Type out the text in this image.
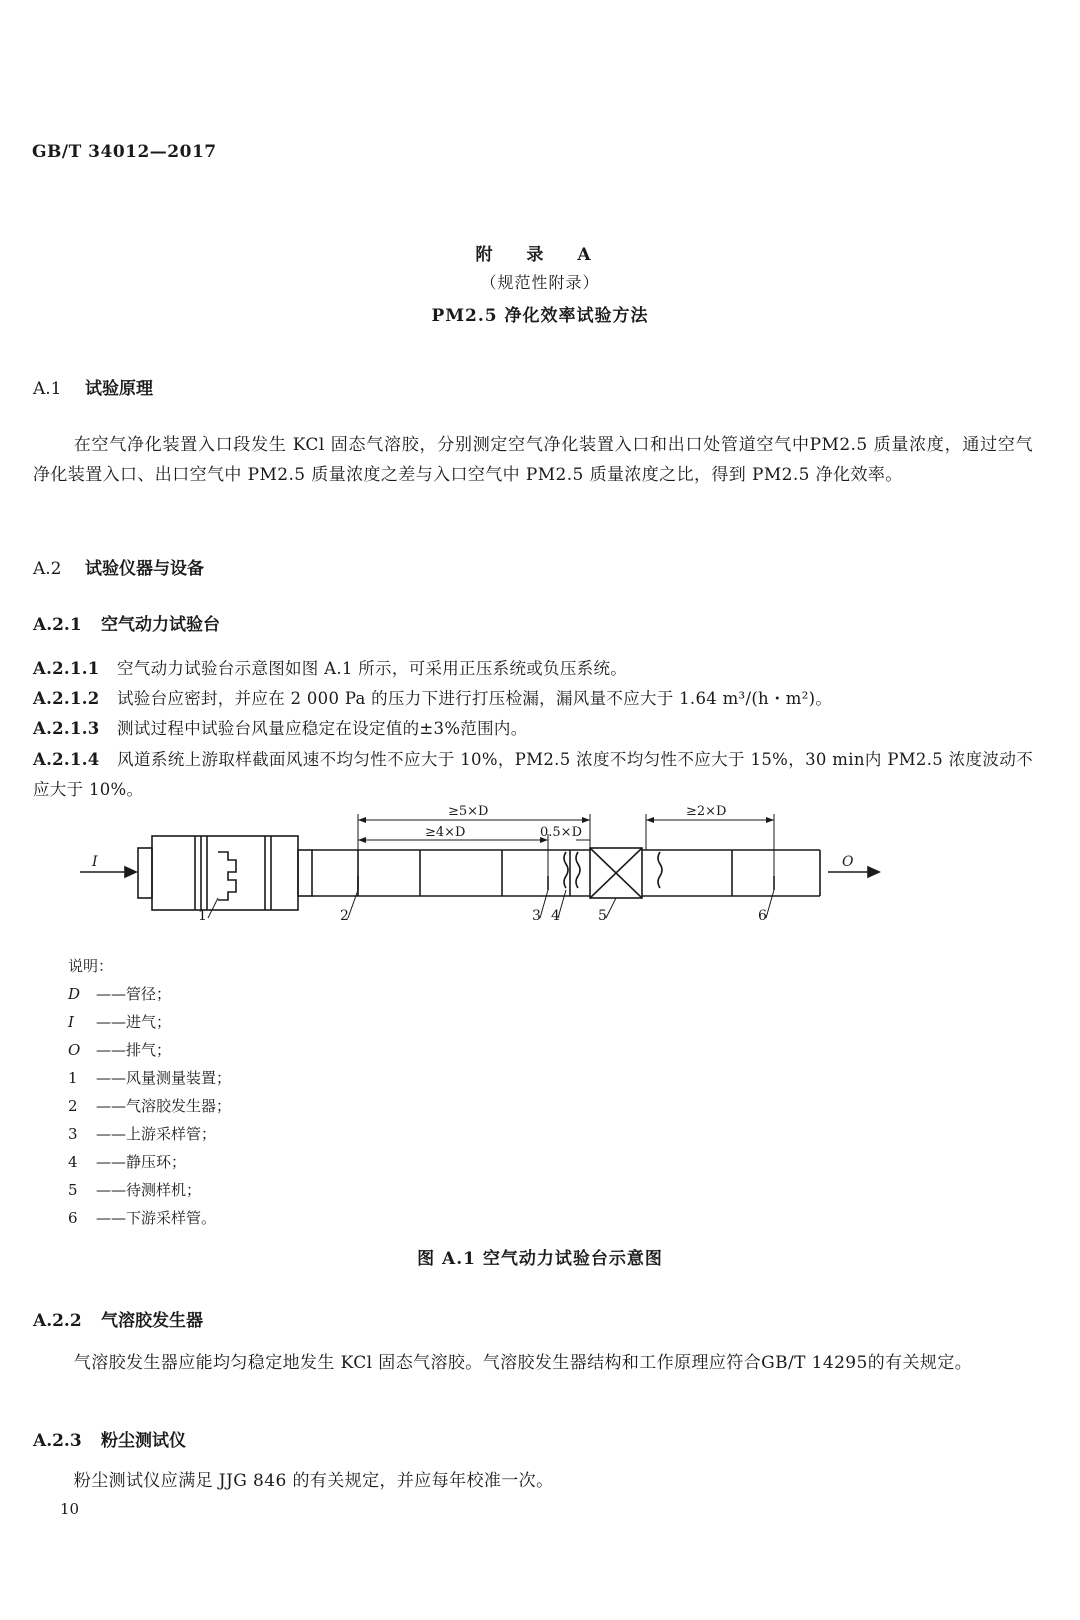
GB/T 34012—2017
附 录 A
（规范性附录）
PM2.5 净化效率试验方法
A.1 试验原理

在空气净化装置入口段发生 KCl 固态气溶胶，分别测定空气净化装置入口和出口处管道空气中PM2.5 质量浓度，通过空气净化装置入口、出口空气中 PM2.5 质量浓度之差与入口空气中 PM2.5 质量浓度之比，得到 PM2.5 净化效率。

A.2 试验仪器与设备
A.2.1 空气动力试验台
A.2.1.1 空气动力试验台示意图如图 A.1 所示，可采用正压系统或负压系统。
A.2.1.2 试验台应密封，并应在 2 000 Pa 的压力下进行打压检漏，漏风量不应大于 1.64 m³/(h・m²)。
A.2.1.3 测试过程中试验台风量应稳定在设定值的±3%范围内。
A.2.1.4 风道系统上游取样截面风速不均匀性不应大于 10%，PM2.5 浓度不均匀性不应大于 15%，30 min内 PM2.5 浓度波动不应大于 10%。
≥5×D
≥4×D	0.5×D
≥2×D
I	O
1	2	3 4	5	6
说明：
D ——管径；
I ——进气；
O ——排气；
1 ——风量测量装置；
2 ——气溶胶发生器；
3 ——上游采样管；
4 ——静压环；
5 ——待测样机；
6 ——下游采样管。
图 A.1 空气动力试验台示意图
A.2.2 气溶胶发生器

气溶胶发生器应能均匀稳定地发生 KCl 固态气溶胶。气溶胶发生器结构和工作原理应符合GB/T 14295的有关规定。

A.2.3 粉尘测试仪

粉尘测试仪应满足 JJG 846 的有关规定，并应每年校准一次。

10
